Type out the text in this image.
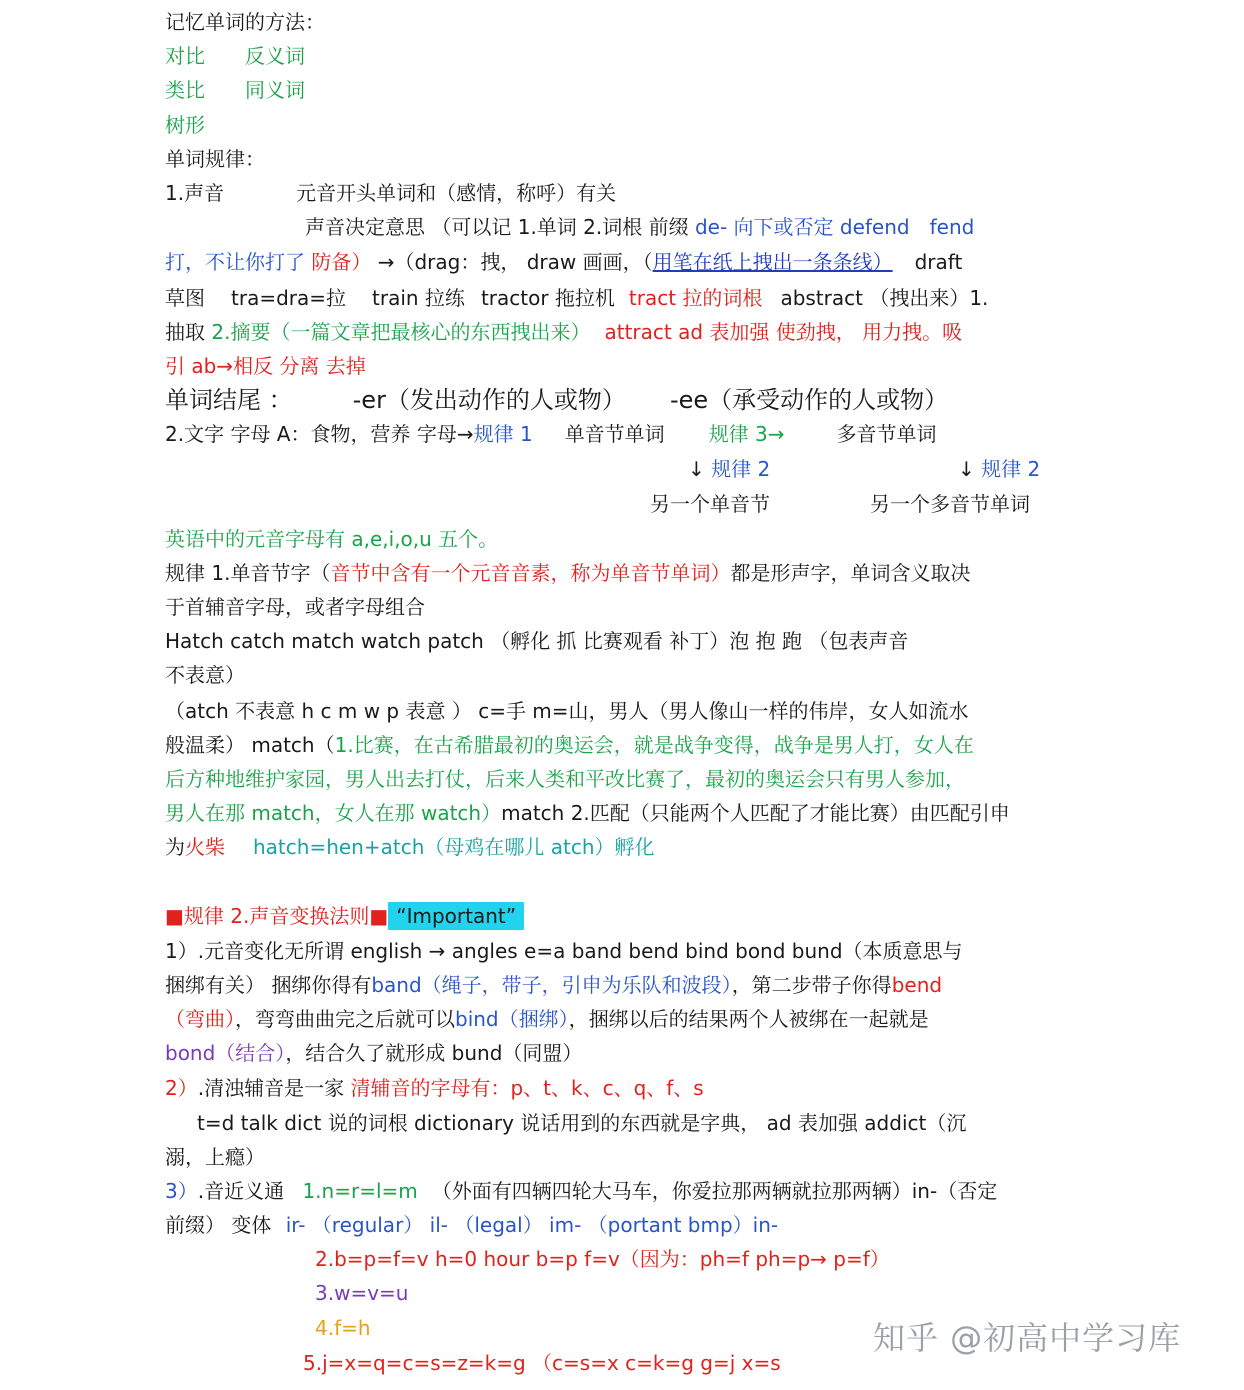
记忆单词的方法：
对比 反义词
类比 同义词
树形
单词规律：
1.声音	元音开头单词和（感情，称呼）有关
声音决定意思 （可以记 1.单词 2.词根 前缀 de- 向下或否定 defend fend
打，不让你打了 防备） →（drag：拽， draw 画画，（用笔在纸上拽出一条条线） draft
草图 tra=dra=拉 train 拉练 tractor 拖拉机 tract 拉的词根 abstract （拽出来）1.
抽取 2.摘要（一篇文章把最核心的东西拽出来） attract ad 表加强 使劲拽， 用力拽。吸
引 ab→相反 分离 去掉
单词结尾 ：	-er（发出动作的人或物） -ee（承受动作的人或物）
2.文字 字母 A：食物，营养 字母→规律 1 单音节单词 规律 3→	多音节单词
↓ 规律 2	↓ 规律 2
另一个单音节	另一个多音节单词
英语中的元音字母有 a,e,i,o,u 五个。
规律 1.单音节字（音节中含有一个元音音素，称为单音节单词）都是形声字，单词含义取决
于首辅音字母，或者字母组合
Hatch catch match watch patch （孵化 抓 比赛观看 补丁）泡 抱 跑 （包表声音
不表意）
（atch 不表意 h c m w p 表意 ） c=手 m=山，男人（男人像山一样的伟岸，女人如流水
般温柔） match（1.比赛，在古希腊最初的奥运会，就是战争变得，战争是男人打，女人在
后方种地维护家园，男人出去打仗，后来人类和平改比赛了，最初的奥运会只有男人参加，
男人在那 match，女人在那 watch）match 2.匹配（只能两个人匹配了才能比赛）由匹配引申
为火柴 hatch=hen+atch（母鸡在哪儿 atch）孵化
■规律 2.声音变换法则■ “Important”
1）.元音变化无所谓 english → angles e=a band bend bind bond bund（本质意思与
捆绑有关） 捆绑你得有band（绳子，带子，引申为乐队和波段），第二步带子你得bend
（弯曲），弯弯曲曲完之后就可以bind（捆绑），捆绑以后的结果两个人被绑在一起就是
bond（结合），结合久了就形成 bund（同盟）
2）.清浊辅音是一家 清辅音的字母有：p、t、k、c、q、f、s
t=d talk dict 说的词根 dictionary 说话用到的东西就是字典， ad 表加强 addict（沉
溺，上瘾）
3）.音近义通 1.n=r=l=m （外面有四辆四轮大马车，你爱拉那两辆就拉那两辆）in-（否定
前缀） 变体 ir- （regular） il- （legal） im- （portant bmp）in-
2.b=p=f=v h=0 hour b=p f=v（因为：ph=f ph=p→ p=f）
3.w=v=u
4.f=h
5.j=x=q=c=s=z=k=g （c=s=x c=k=g g=j x=s
知乎 @初高中学习库
